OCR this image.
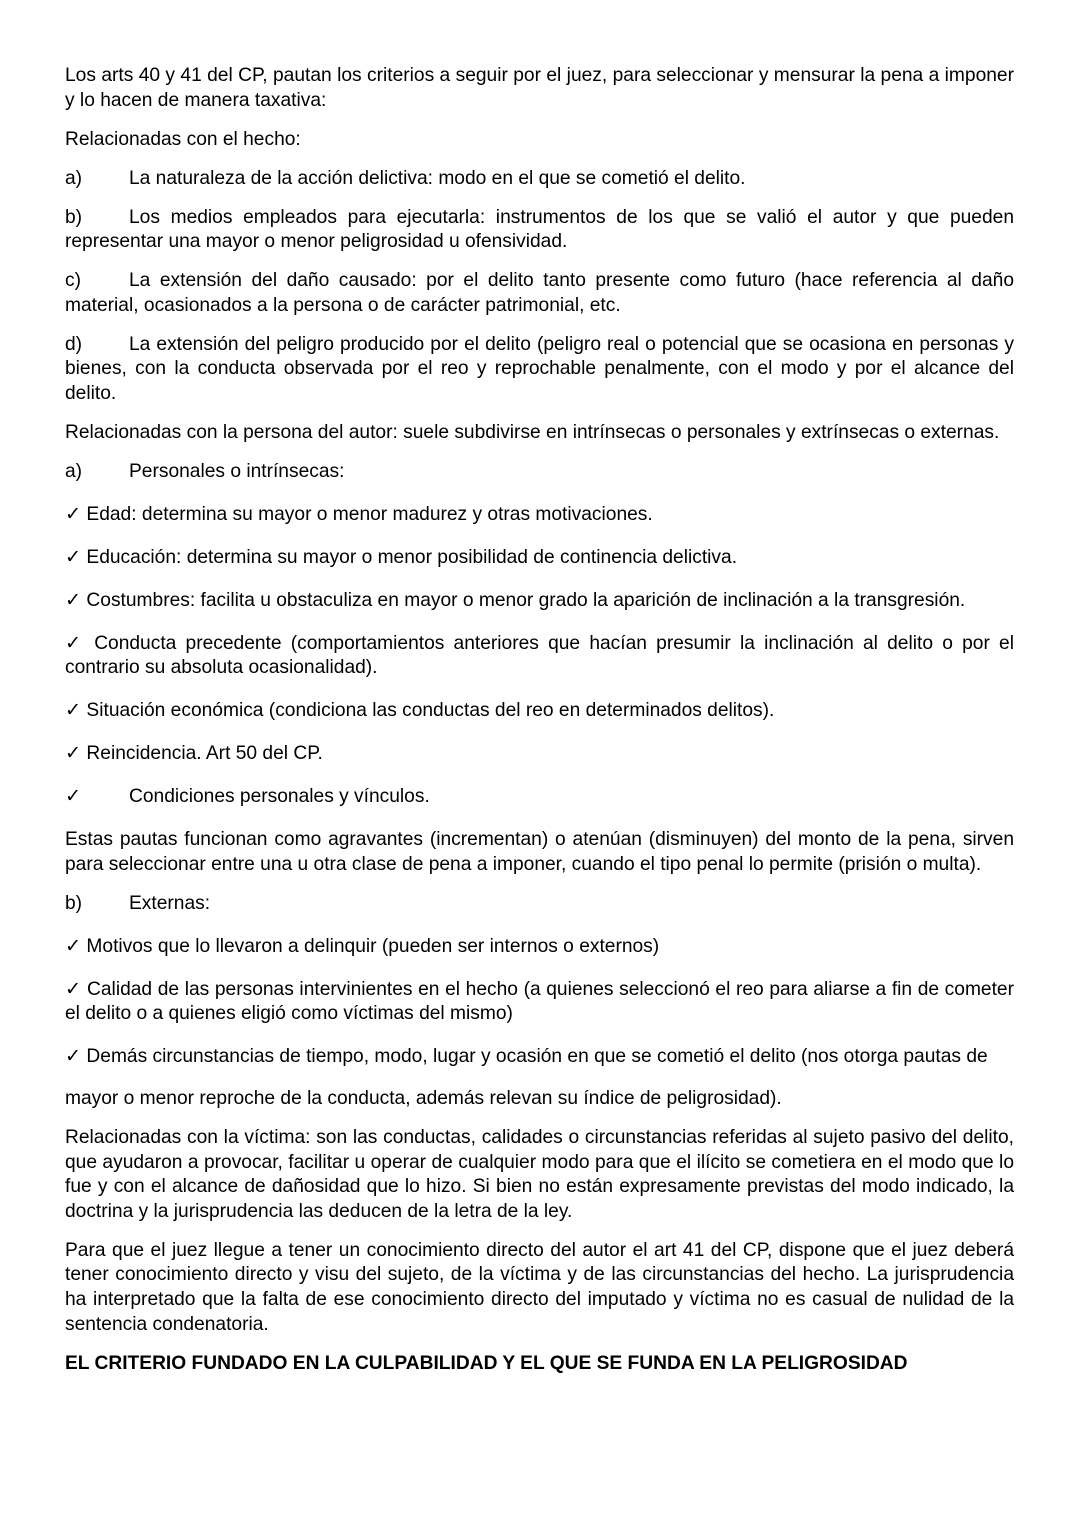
Los arts 40 y 41 del CP, pautan los criterios a seguir por el juez, para seleccionar y mensurar la pena a imponer y lo hacen de manera taxativa:

Relacionadas con el hecho:

a) La naturaleza de la acción delictiva: modo en el que se cometió el delito.

b) Los medios empleados para ejecutarla: instrumentos de los que se valió el autor y que pueden representar una mayor o menor peligrosidad u ofensividad.

c)	La extensión del daño causado: por el delito tanto presente como futuro (hace referencia al daño material, ocasionados a la persona o de carácter patrimonial, etc.

d) La extensión del peligro producido por el delito (peligro real o potencial que se ocasiona en personas y bienes, con la conducta observada por el reo y reprochable penalmente, con el modo y por el alcance del delito.

Relacionadas con la persona del autor: suele subdivirse en intrínsecas o personales y extrínsecas o externas.

a) Personales o intrínsecas:

✓ Edad: determina su mayor o menor madurez y otras motivaciones.

✓ Educación: determina su mayor o menor posibilidad de continencia delictiva.

✓ Costumbres: facilita u obstaculiza en mayor o menor grado la aparición de inclinación a la transgresión.

✓ Conducta precedente (comportamientos anteriores que hacían presumir la inclinación al delito o por el contrario su absoluta ocasionalidad).

✓ Situación económica (condiciona las conductas del reo en determinados delitos).

✓ Reincidencia. Art 50 del CP.

✓ Condiciones personales y vínculos.

Estas pautas funcionan como agravantes (incrementan) o atenúan (disminuyen) del monto de la pena, sirven para seleccionar entre una u otra clase de pena a imponer, cuando el tipo penal lo permite (prisión o multa).

b) Externas:

✓ Motivos que lo llevaron a delinquir (pueden ser internos o externos)

✓ Calidad de las personas intervinientes en el hecho (a quienes seleccionó el reo para aliarse a fin de cometer el delito o a quienes eligió como víctimas del mismo)

✓ Demás circunstancias de tiempo, modo, lugar y ocasión en que se cometió el delito (nos otorga pautas de

mayor o menor reproche de la conducta, además relevan su índice de peligrosidad).

Relacionadas con la víctima: son las conductas, calidades o circunstancias referidas al sujeto pasivo del delito, que ayudaron a provocar, facilitar u operar de cualquier modo para que el ilícito se cometiera en el modo que lo fue y con el alcance de dañosidad que lo hizo. Si bien no están expresamente previstas del modo indicado, la doctrina y la jurisprudencia las deducen de la letra de la ley.

Para que el juez llegue a tener un conocimiento directo del autor el art 41 del CP, dispone que el juez deberá tener conocimiento directo y visu del sujeto, de la víctima y de las circunstancias del hecho. La jurisprudencia ha interpretado que la falta de ese conocimiento directo del imputado y víctima no es casual de nulidad de la sentencia condenatoria.

EL CRITERIO FUNDADO EN LA CULPABILIDAD Y EL QUE SE FUNDA EN LA PELIGROSIDAD
